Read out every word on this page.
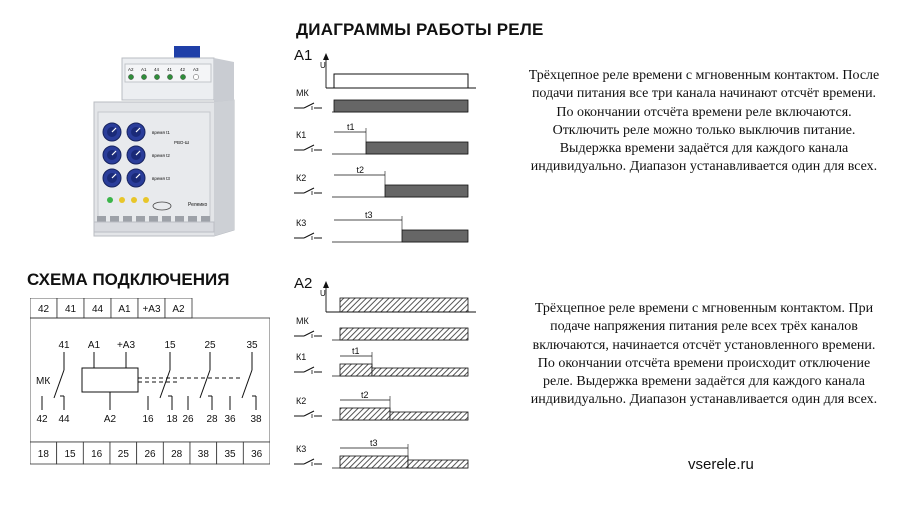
ДИАГРАММЫ РАБОТЫ РЕЛЕ
СХЕМА ПОДКЛЮЧЕНИЯ
A2 A1 44 41 42 A3
время t1
время t2
время t3
Релеико
РВО-Ш
A1
U
МК
К1
t1
К2
t2
К3
t3
A2
U
МК
К1
t1
К2
t2
К3
t3
Трёхцепное реле времени с мгновенным контактом. После
подачи питания все три канала начинают отсчёт времени.
По окончании отсчёта времени реле включаются.
Отключить реле можно только выключив питание.
Выдержка времени задаётся для каждого канала
индивидуально. Диапазон устанавливается один для всех.
Трёхцепное реле времени с мгновенным контактом. При
подаче напряжения питания реле всех трёх каналов
включаются, начинается отсчёт установленного времени.
По окончании отсчёта времени происходит отключение
реле. Выдержка времени задаётся для каждого канала
индивидуально. Диапазон устанавливается один для всех.
42 41 44 A1 +A3 A2
18 15 16 25 26 28 38 35 36
41 A1 +A3	15	25	35
42 44	A2	16 18 26 28 36 38
МК
vserele.ru
